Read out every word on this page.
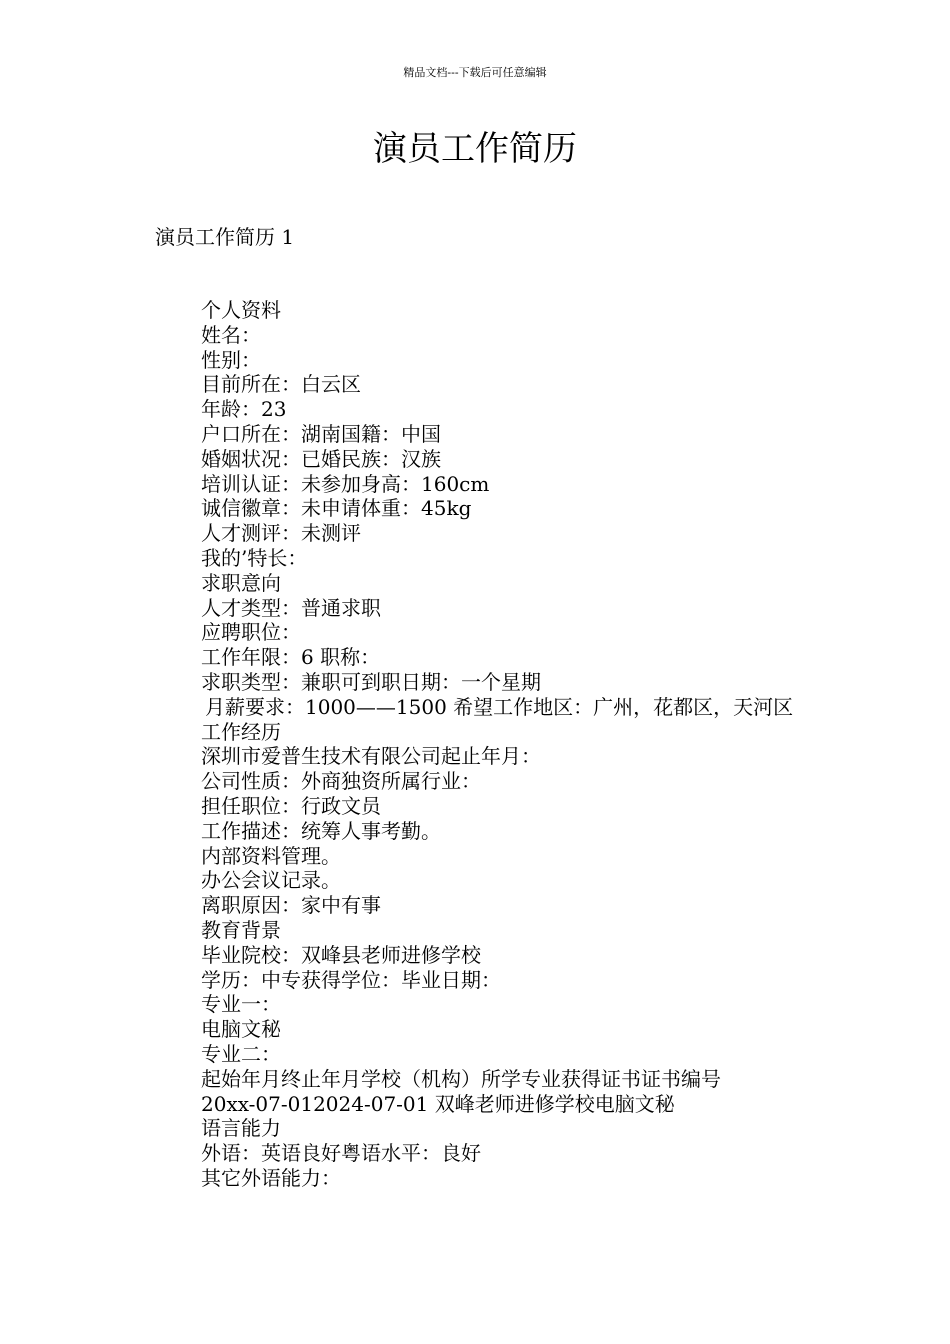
精品文档---下载后可任意编辑
演员工作简历
演员工作简历 1
个人资料
姓名：
性别：
目前所在：白云区
年龄：23
户口所在：湖南国籍：中国
婚姻状况：已婚民族：汉族
培训认证：未参加身高：160cm
诚信徽章：未申请体重：45kg
人才测评：未测评
我的’特长：
求职意向
人才类型：普通求职
应聘职位：
工作年限：6 职称：
求职类型：兼职可到职日期：一个星期
月薪要求：1000——1500 希望工作地区：广州，花都区，天河区
工作经历
深圳市爱普生技术有限公司起止年月：
公司性质：外商独资所属行业：
担任职位：行政文员
工作描述：统筹人事考勤。
内部资料管理。
办公会议记录。
离职原因：家中有事
教育背景
毕业院校：双峰县老师进修学校
学历：中专获得学位：毕业日期：
专业一：
电脑文秘
专业二：
起始年月终止年月学校（机构）所学专业获得证书证书编号
20xx-07-012024-07-01 双峰老师进修学校电脑文秘
语言能力
外语：英语良好粤语水平：良好
其它外语能力：
